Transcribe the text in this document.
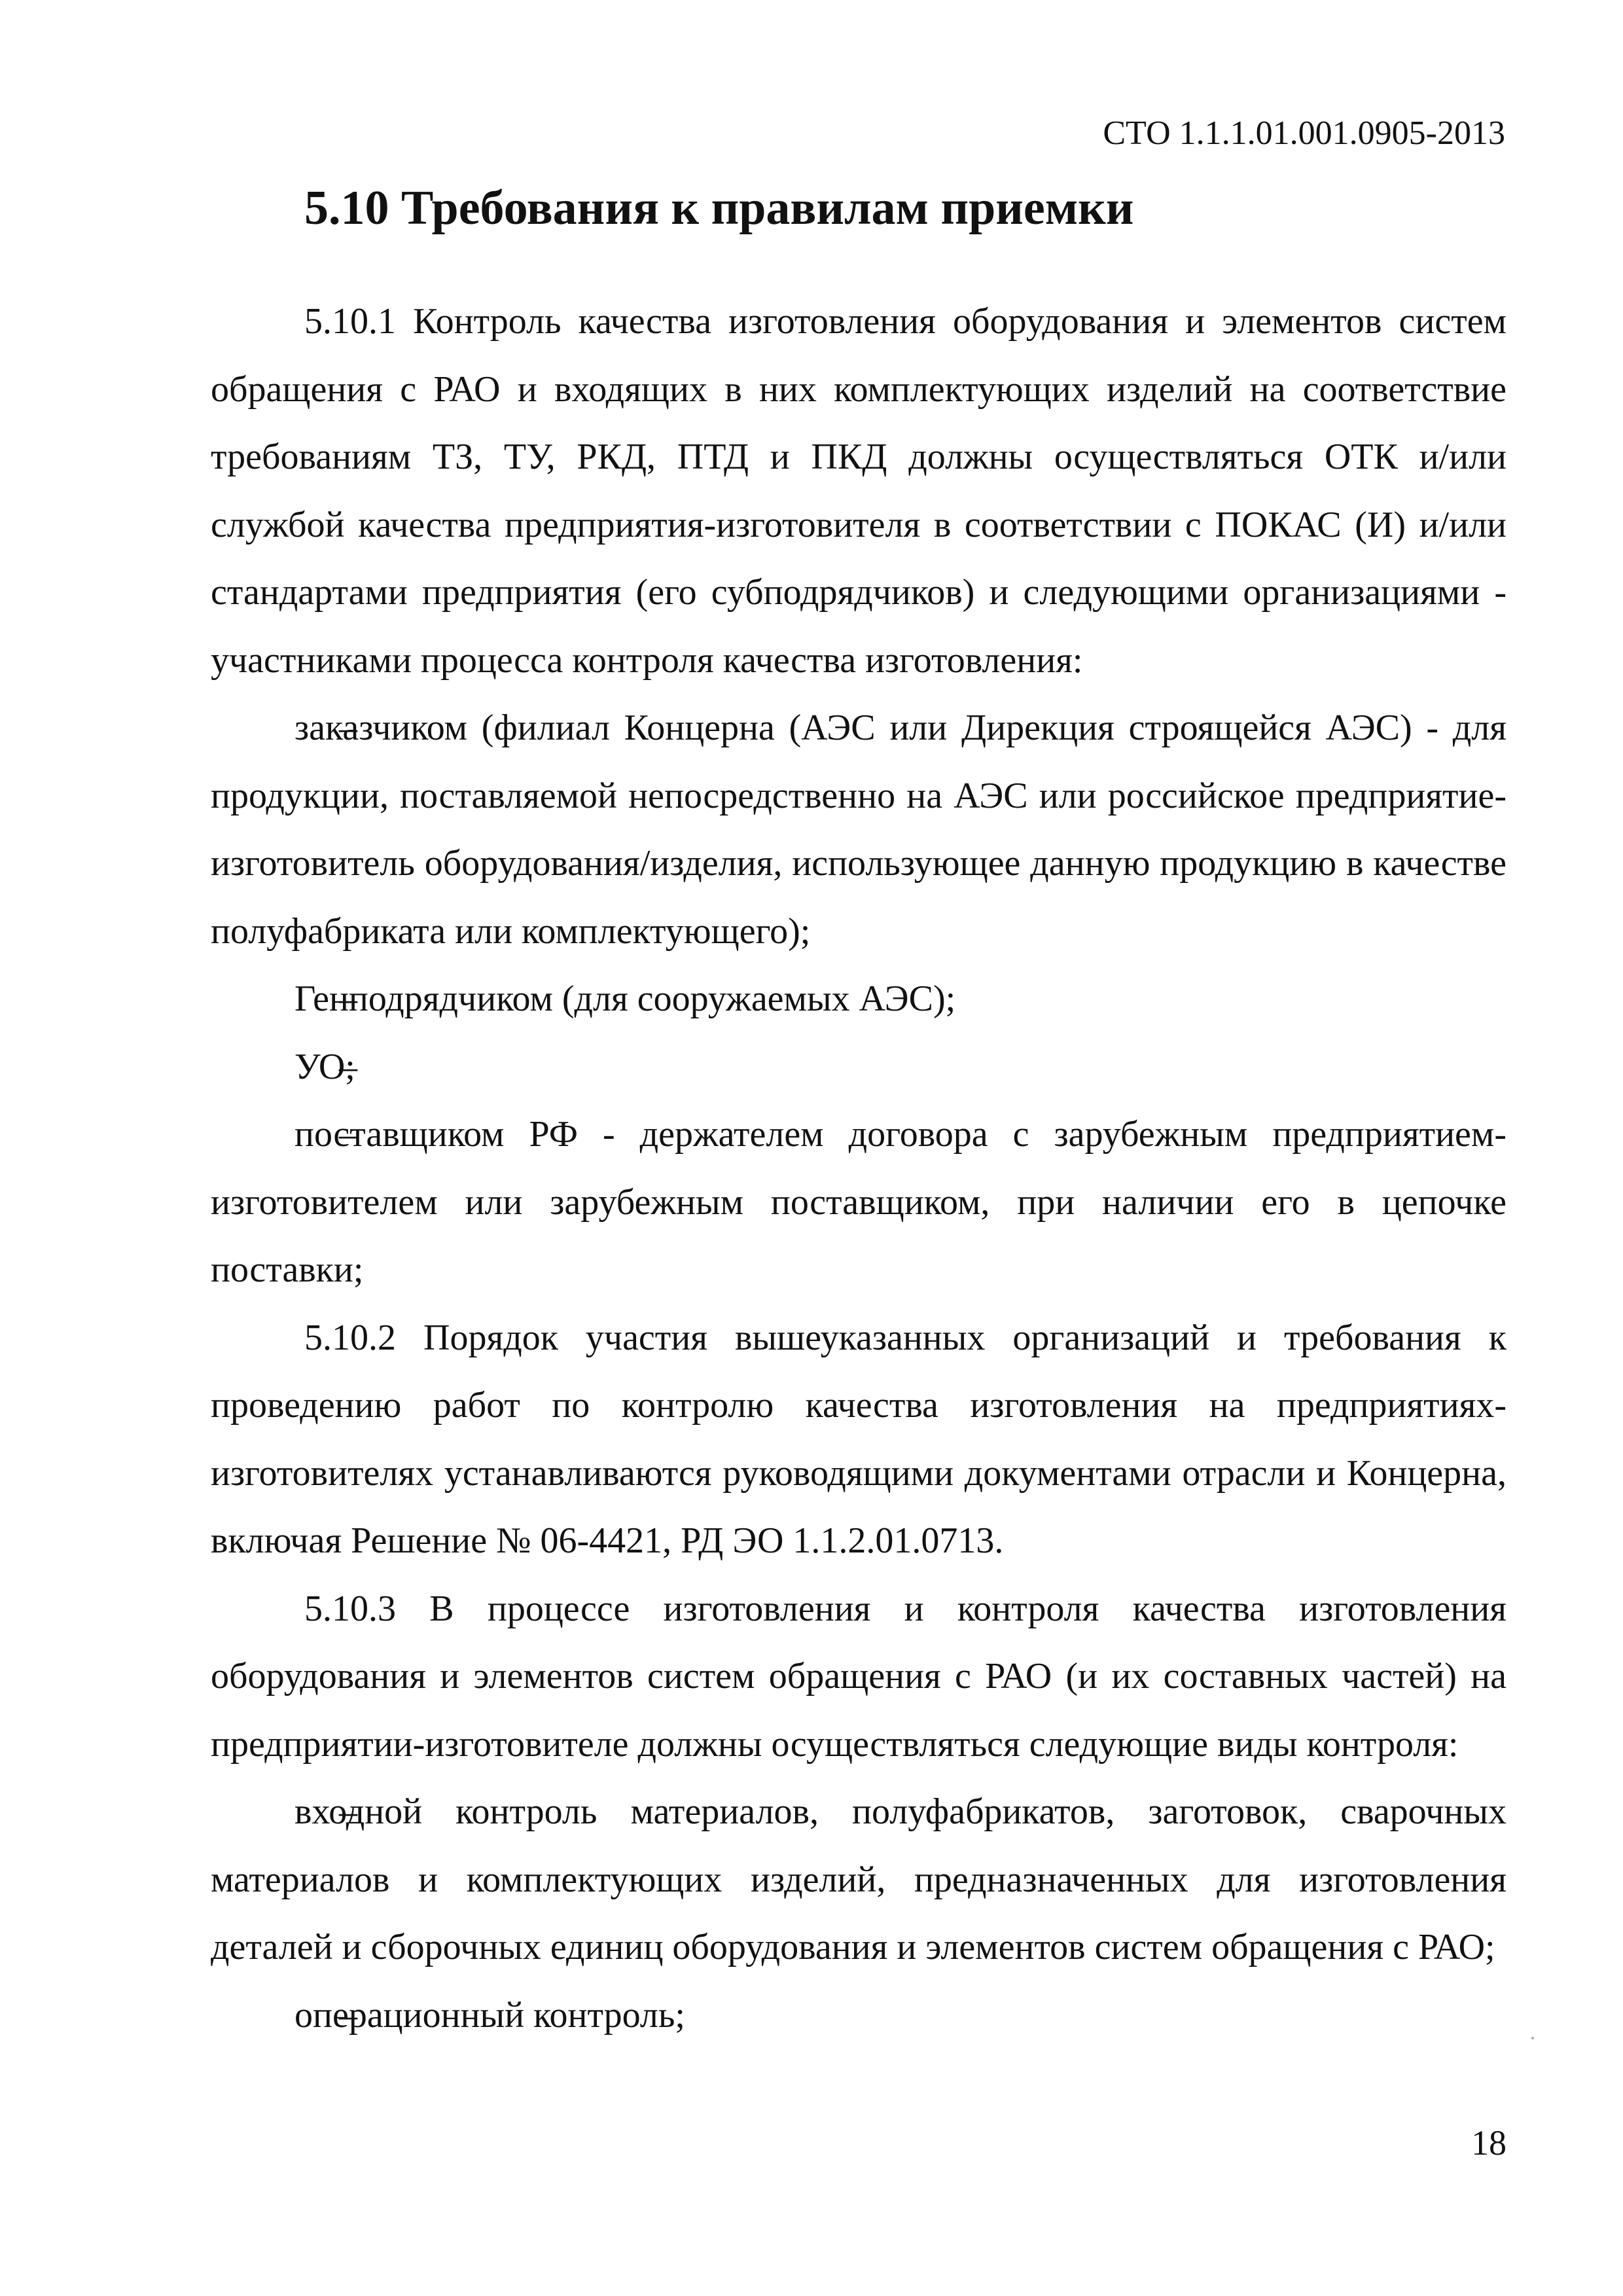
СТО 1.1.1.01.001.0905-2013
5.10 Требования к правилам приемки

5.10.1 Контроль качества изготовления оборудования и элементов систем обращения с РАО и входящих в них комплектующих изделий на соответствие требованиям ТЗ, ТУ, РКД, ПТД и ПКД должны осуществляться ОТК и/или службой качества предприятия-изготовителя в соответствии с ПОКАС (И) и/или стандартами предприятия (его субподрядчиков) и следующими организациями - участниками процесса контроля качества изготовления:

– заказчиком (филиал Концерна (АЭС или Дирекция строящейся АЭС) - для продукции, поставляемой непосредственно на АЭС или российское предприятие-изготовитель оборудования/изделия, использующее данную продукцию в качестве полуфабриката или комплектующего);

– Генподрядчиком (для сооружаемых АЭС);

– УО;

– поставщиком РФ - держателем договора с зарубежным предприятием-изготовителем или зарубежным поставщиком, при наличии его в цепочке поставки;

5.10.2 Порядок участия вышеуказанных организаций и требования к проведению работ по контролю качества изготовления на предприятиях-изготовителях устанавливаются руководящими документами отрасли и Концерна, включая Решение № 06-4421, РД ЭО 1.1.2.01.0713.

5.10.3 В процессе изготовления и контроля качества изготовления оборудования и элементов систем обращения с РАО (и их составных частей) на предприятии-изготовителе должны осуществляться следующие виды контроля:

– входной контроль материалов, полуфабрикатов, заготовок, сварочных материалов и комплектующих изделий, предназначенных для изготовления деталей и сборочных единиц оборудования и элементов систем обращения с РАО;

– операционный контроль;

18
